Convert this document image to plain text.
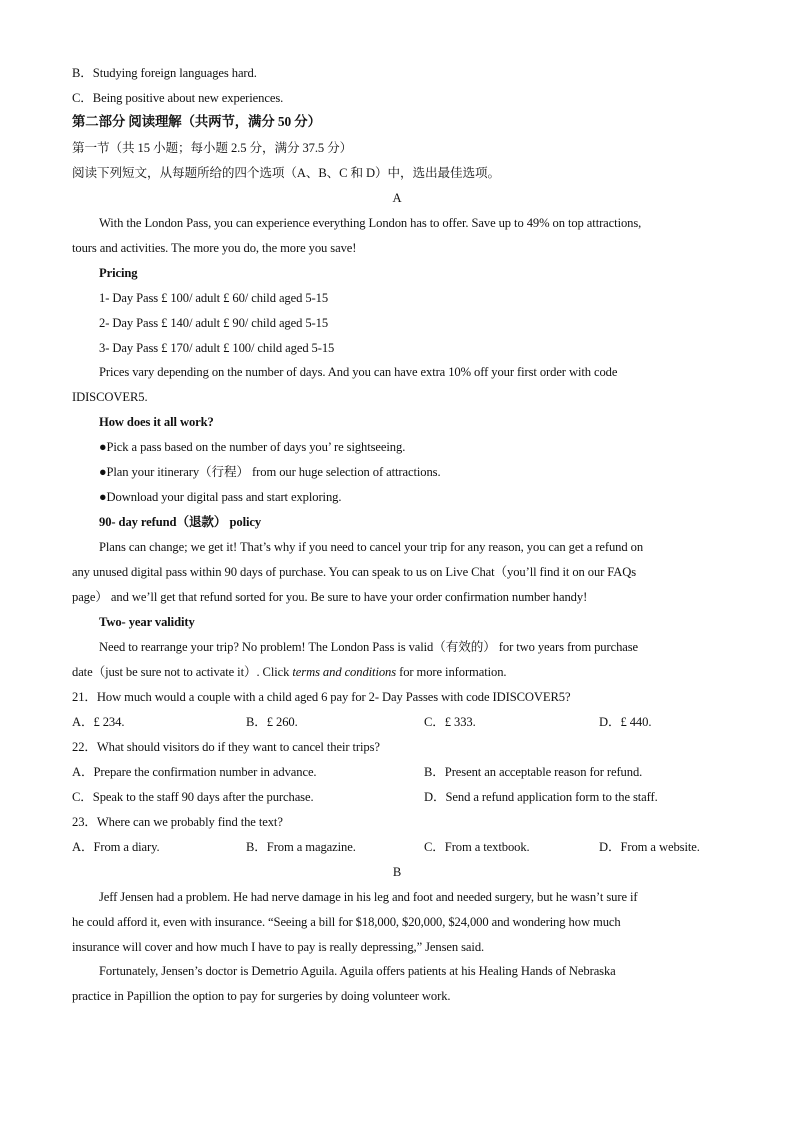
B．Studying foreign languages hard.
C．Being positive about new experiences.
第二部分 阅读理解（共两节，满分 50 分）
第一节（共 15 小题；每小题 2.5 分，满分 37.5 分）
阅读下列短文，从每题所给的四个选项（A、B、C 和 D）中，选出最佳选项。
A
With the London Pass, you can experience everything London has to offer. Save up to 49% on top attractions,
tours and activities. The more you do, the more you save!
Pricing
1- Day Pass £ 100/ adult £ 60/ child aged 5-15
2- Day Pass £ 140/ adult £ 90/ child aged 5-15
3- Day Pass £ 170/ adult £ 100/ child aged 5-15
Prices vary depending on the number of days. And you can have extra 10% off your first order with code
IDISCOVER5.
How does it all work?
●Pick a pass based on the number of days you’ re sightseeing.
●Plan your itinerary（行程） from our huge selection of attractions.
●Download your digital pass and start exploring.
90- day refund（退款） policy
Plans can change; we get it! That’s why if you need to cancel your trip for any reason, you can get a refund on
any unused digital pass within 90 days of purchase. You can speak to us on Live Chat（you’ll find it on our FAQs
page） and we’ll get that refund sorted for you. Be sure to have your order confirmation number handy!
Two- year validity
Need to rearrange your trip? No problem! The London Pass is valid（有效的） for two years from purchase
date（just be sure not to activate it）. Click terms and conditions for more information.
21．How much would a couple with a child aged 6 pay for 2- Day Passes with code IDISCOVER5?
A．£ 234.	B．£ 260.	C．£ 333.	D．£ 440.
22．What should visitors do if they want to cancel their trips?
A．Prepare the confirmation number in advance.	B．Present an acceptable reason for refund.
C．Speak to the staff 90 days after the purchase.	D．Send a refund application form to the staff.
23．Where can we probably find the text?
A．From a diary.	B．From a magazine.	C．From a textbook.	D．From a website.
B
Jeff Jensen had a problem. He had nerve damage in his leg and foot and needed surgery, but he wasn’t sure if
he could afford it, even with insurance. “Seeing a bill for $18,000, $20,000, $24,000 and wondering how much
insurance will cover and how much I have to pay is really depressing,” Jensen said.
Fortunately, Jensen’s doctor is Demetrio Aguila. Aguila offers patients at his Healing Hands of Nebraska
practice in Papillion the option to pay for surgeries by doing volunteer work.
